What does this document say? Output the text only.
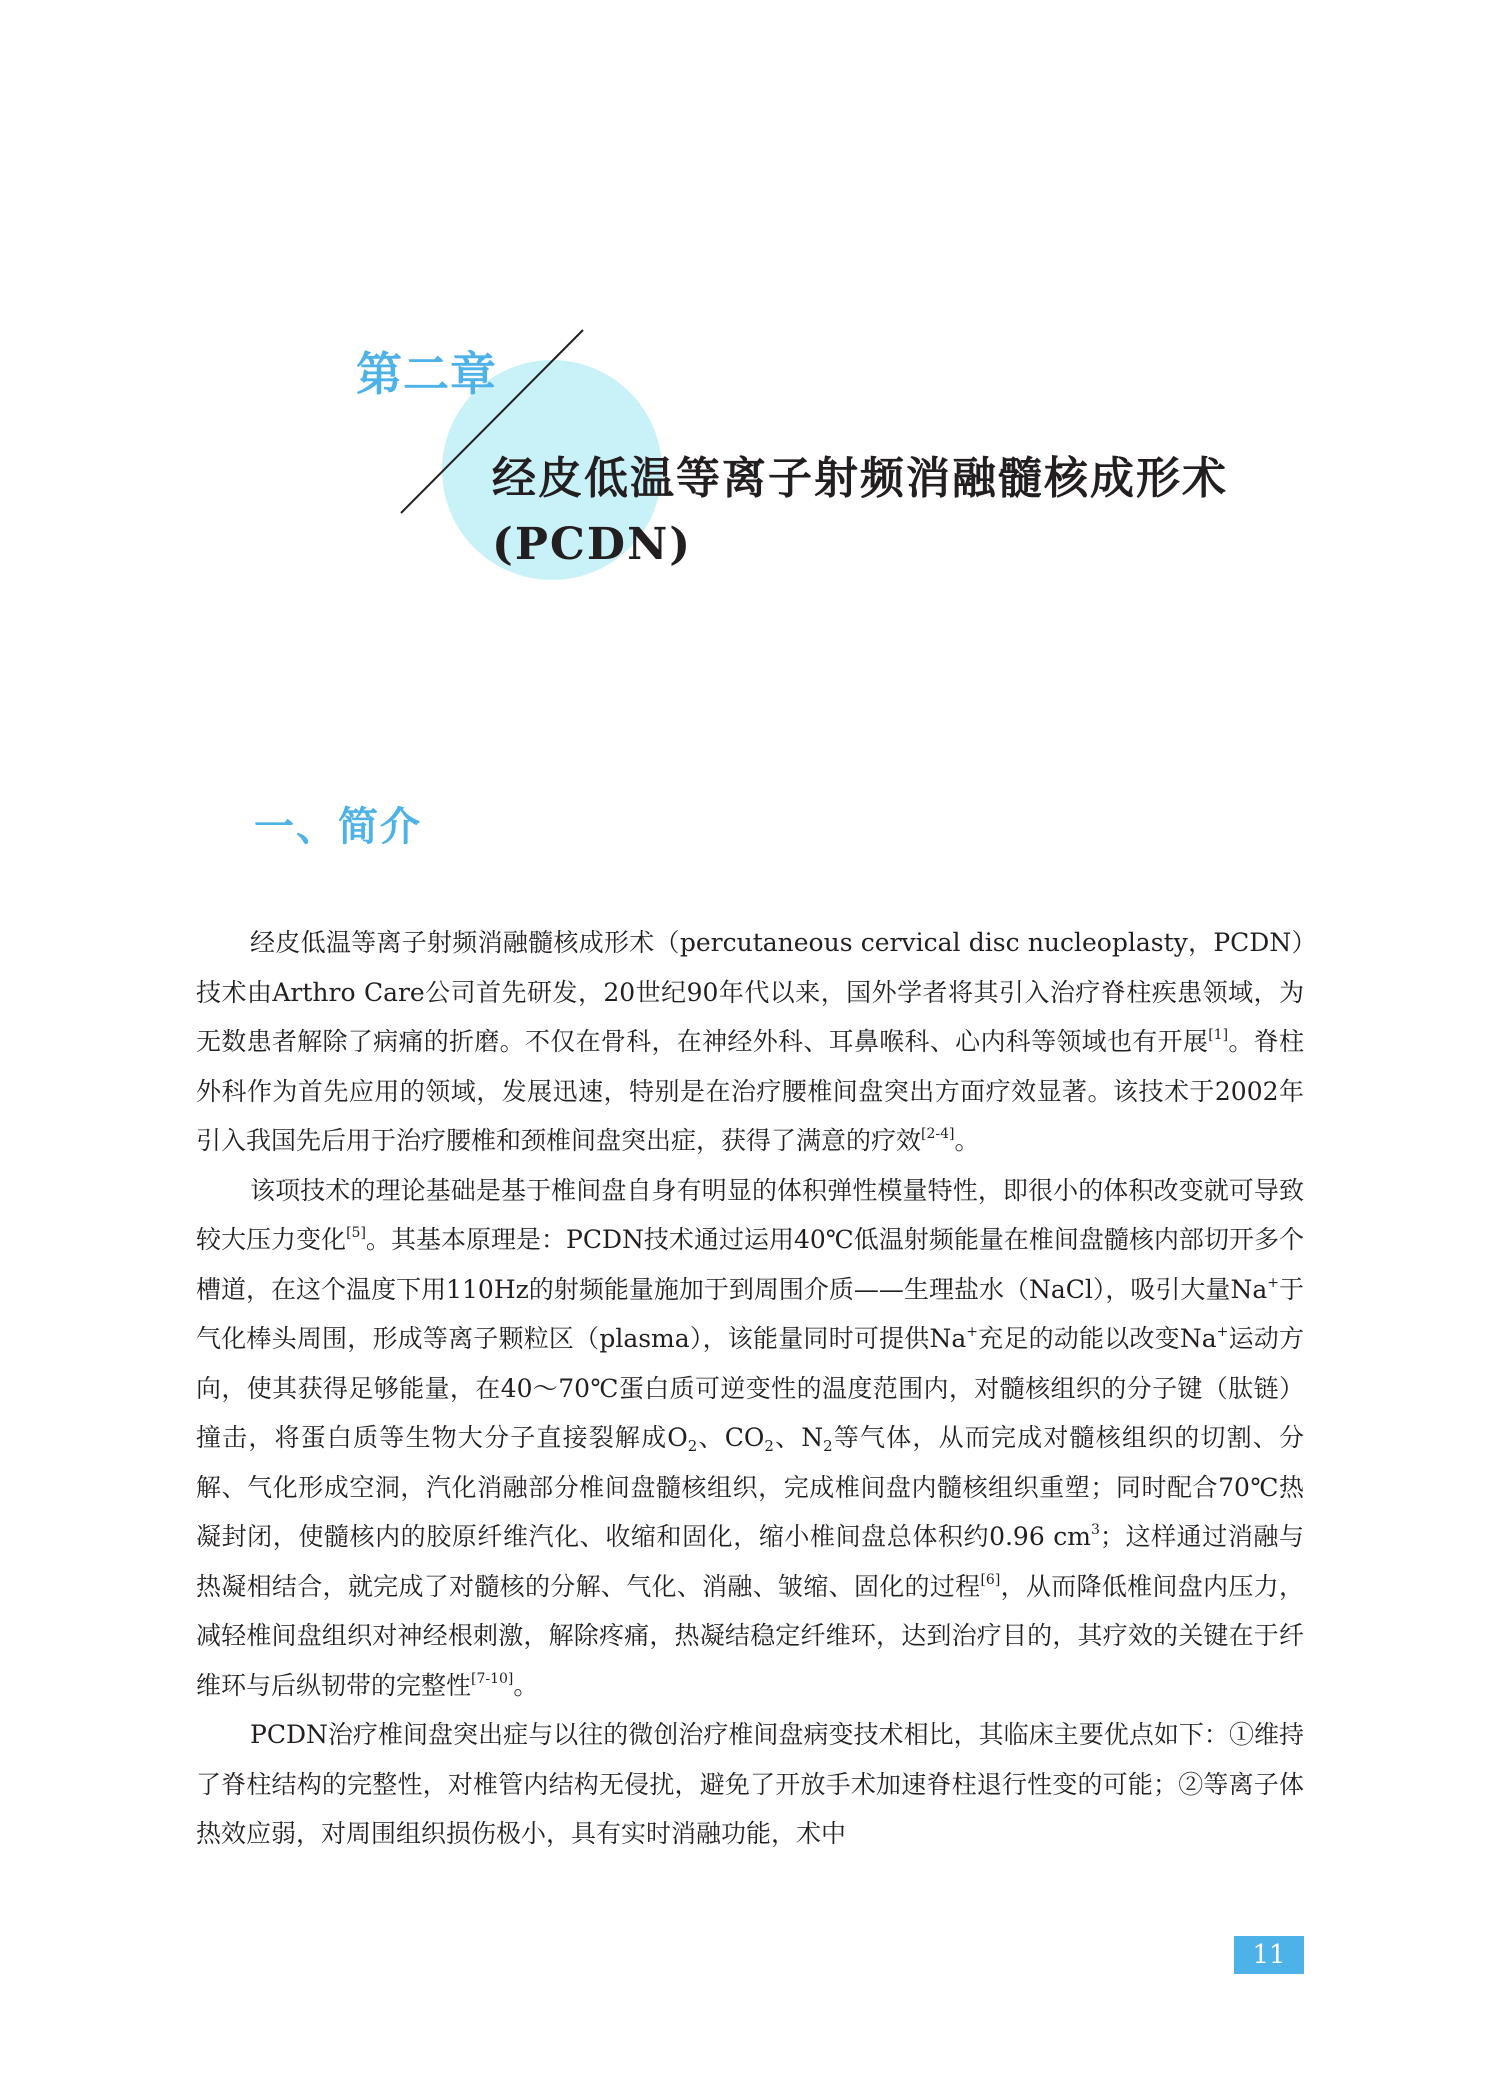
第二章
经皮低温等离子射频消融髓核成形术
(PCDN)
一、简介

经皮低温等离子射频消融髓核成形术（percutaneous cervical disc nucleoplasty，PCDN）技术由Arthro Care公司首先研发，20世纪90年代以来，国外学者将其引入治疗脊柱疾患领域，为无数患者解除了病痛的折磨。不仅在骨科，在神经外科、耳鼻喉科、心内科等领域也有开展[1]。脊柱外科作为首先应用的领域，发展迅速，特别是在治疗腰椎间盘突出方面疗效显著。该技术于2002年引入我国先后用于治疗腰椎和颈椎间盘突出症，获得了满意的疗效[2-4]。

该项技术的理论基础是基于椎间盘自身有明显的体积弹性模量特性，即很小的体积改变就可导致较大压力变化[5]。其基本原理是：PCDN技术通过运用40℃低温射频能量在椎间盘髓核内部切开多个槽道，在这个温度下用110Hz的射频能量施加于到周围介质——生理盐水（NaCl），吸引大量Na+于气化棒头周围，形成等离子颗粒区（plasma），该能量同时可提供Na+充足的动能以改变Na+运动方向，使其获得足够能量，在40～70℃蛋白质可逆变性的温度范围内，对髓核组织的分子键（肽链）撞击，将蛋白质等生物大分子直接裂解成$O_2$、$CO_2$、$N_2$等气体，从而完成对髓核组织的切割、分解、气化形成空洞，汽化消融部分椎间盘髓核组织，完成椎间盘内髓核组织重塑；同时配合70℃热凝封闭，使髓核内的胶原纤维汽化、收缩和固化，缩小椎间盘总体积约0.96 $cm^3$；这样通过消融与热凝相结合，就完成了对髓核的分解、气化、消融、皱缩、固化的过程[6]，从而降低椎间盘内压力，减轻椎间盘组织对神经根刺激，解除疼痛，热凝结稳定纤维环，达到治疗目的，其疗效的关键在于纤维环与后纵韧带的完整性[7-10]。

PCDN治疗椎间盘突出症与以往的微创治疗椎间盘病变技术相比，其临床主要优点如下：①维持了脊柱结构的完整性，对椎管内结构无侵扰，避免了开放手术加速脊柱退行性变的可能；②等离子体热效应弱，对周围组织损伤极小，具有实时消融功能，术中

11
